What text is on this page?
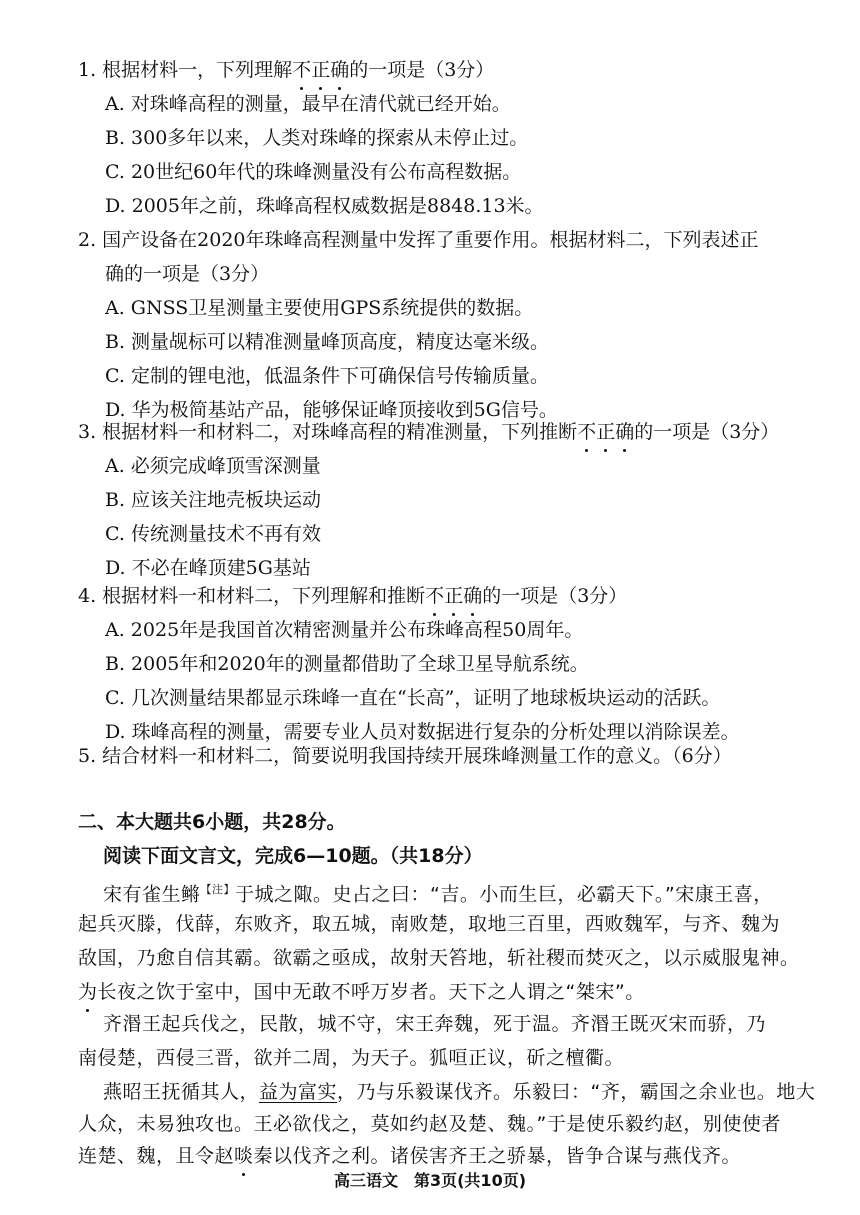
1. 根据材料一，下列理解不正确的一项是（3分）
A. 对珠峰高程的测量，最早在清代就已经开始。
B. 300多年以来，人类对珠峰的探索从未停止过。
C. 20世纪60年代的珠峰测量没有公布高程数据。
D. 2005年之前，珠峰高程权威数据是8848.13米。
2. 国产设备在2020年珠峰高程测量中发挥了重要作用。根据材料二，下列表述正
确的一项是（3分）
A. GNSS卫星测量主要使用GPS系统提供的数据。
B. 测量觇标可以精准测量峰顶高度，精度达毫米级。
C. 定制的锂电池，低温条件下可确保信号传输质量。
D. 华为极简基站产品，能够保证峰顶接收到5G信号。
3. 根据材料一和材料二，对珠峰高程的精准测量，下列推断不正确的一项是（3分）
A. 必须完成峰顶雪深测量
B. 应该关注地壳板块运动
C. 传统测量技术不再有效
D. 不必在峰顶建5G基站
4. 根据材料一和材料二，下列理解和推断不正确的一项是（3分）
A. 2025年是我国首次精密测量并公布珠峰高程50周年。
B. 2005年和2020年的测量都借助了全球卫星导航系统。
C. 几次测量结果都显示珠峰一直在“长高”，证明了地球板块运动的活跃。
D. 珠峰高程的测量，需要专业人员对数据进行复杂的分析处理以消除误差。
5. 结合材料一和材料二，简要说明我国持续开展珠峰测量工作的意义。（6分）
二、本大题共6小题，共28分。
阅读下面文言文，完成6—10题。（共18分）
宋有雀生鳉$^{【注】}$于城之陬。史占之曰：“吉。小而生巨，必霸天下。”宋康王喜，
起兵灭滕，伐薛，东败齐，取五城，南败楚，取地三百里，西败魏军，与齐、魏为
敌国，乃愈自信其霸。欲霸之亟成，故射天笞地，斩社稷而焚灭之，以示威服鬼神。
为长夜之饮于室中，国中无敢不呼万岁者。天下之人谓之“桀宋”。
齐湣王起兵伐之，民散，城不守，宋王奔魏，死于温。齐湣王既灭宋而骄，乃
南侵楚，西侵三晋，欲并二周，为天子。狐咺正议，斫之檀衢。
燕昭王抚循其人，益为富实，乃与乐毅谋伐齐。乐毅曰：“齐，霸国之余业也。地大
人众，未易独攻也。王必欲伐之，莫如约赵及楚、魏。”于是使乐毅约赵，别使使者
连楚、魏，且令赵啖秦以伐齐之利。诸侯害齐王之骄暴，皆争合谋与燕伐齐。
高三语文　第3页(共10页)
